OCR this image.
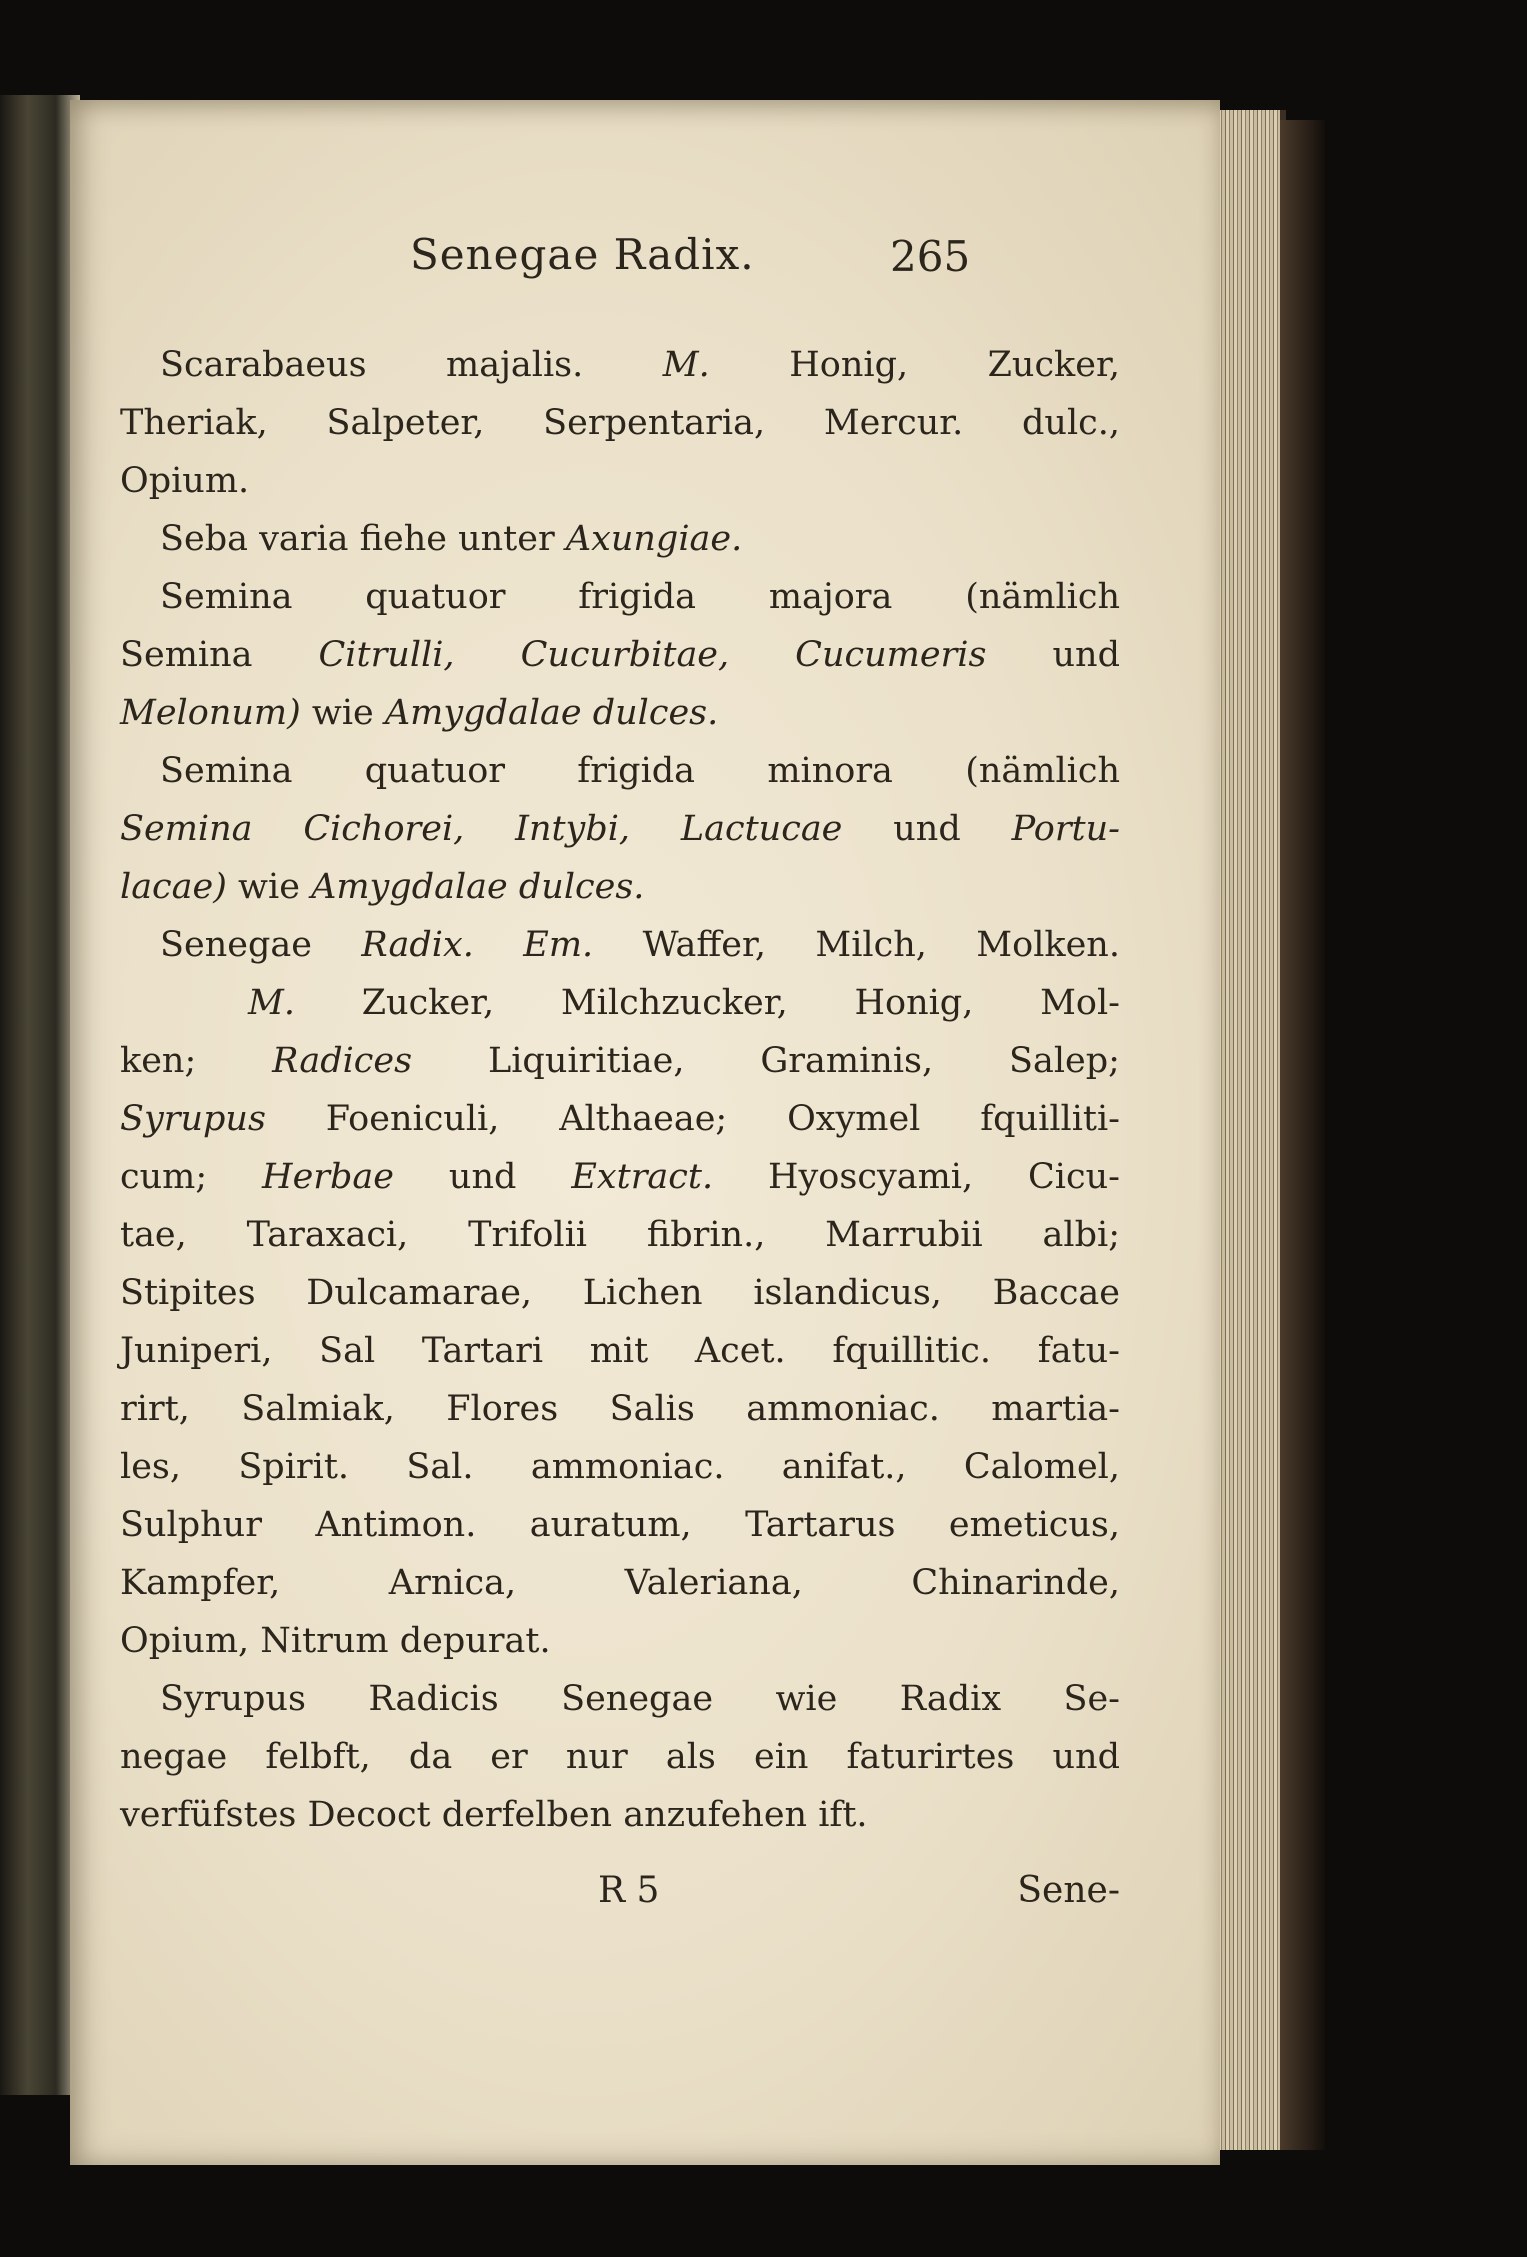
Senegae Radix.	265
Scarabaeus majalis. M. Honig, Zucker,
Theriak, Salpeter, Serpentaria, Mercur. dulc.,
Opium.
Seba varia fiehe unter Axungiae.
Semina quatuor frigida majora (nämlich
Semina Citrulli, Cucurbitae, Cucumeris und
Melonum) wie Amygdalae dulces.
Semina quatuor frigida minora (nämlich
Semina Cichorei, Intybi, Lactucae und Portu-
lacae) wie Amygdalae dulces.
Senegae Radix. Em. Waffer, Milch, Molken.
M. Zucker, Milchzucker, Honig, Mol-
ken; Radices Liquiritiae, Graminis, Salep;
Syrupus Foeniculi, Althaeae; Oxymel fquilliti-
cum; Herbae und Extract. Hyoscyami, Cicu-
tae, Taraxaci, Trifolii fibrin., Marrubii albi;
Stipites Dulcamarae, Lichen islandicus, Baccae
Juniperi, Sal Tartari mit Acet. fquillitic. fatu-
rirt, Salmiak, Flores Salis ammoniac. martia-
les, Spirit. Sal. ammoniac. anifat., Calomel,
Sulphur Antimon. auratum, Tartarus emeticus,
Kampfer, Arnica, Valeriana, Chinarinde,
Opium, Nitrum depurat.
Syrupus Radicis Senegae wie Radix Se-
negae felbft, da er nur als ein faturirtes und
verfüfstes Decoct derfelben anzufehen ift.
R 5	Sene-
